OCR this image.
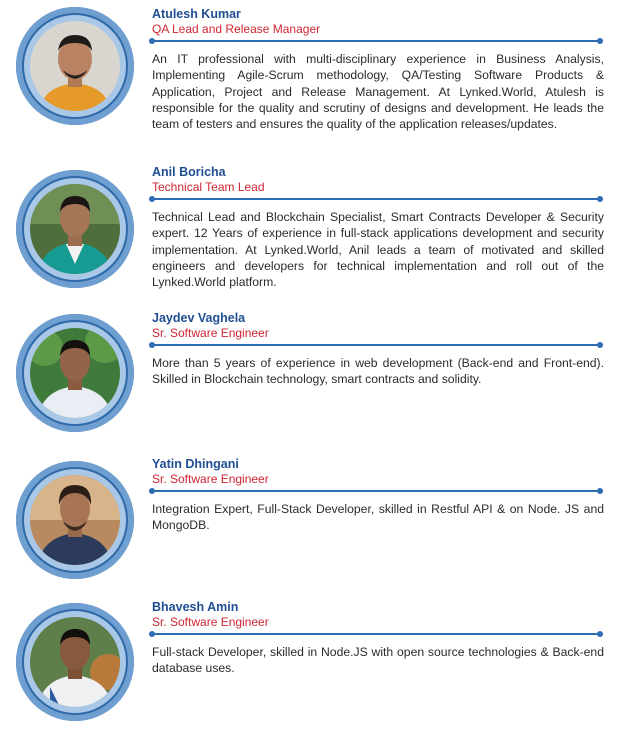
Atulesh Kumar
QA Lead and Release Manager
An IT professional with multi-disciplinary experience in Business Analysis, Implementing Agile-Scrum methodology, QA/Testing Software Products & Application, Project and Release Management. At Lynked.World, Atulesh is responsible for the quality and scrutiny of designs and development. He leads the team of testers and ensures the quality of the application releases/updates.
Anil Boricha
Technical Team Lead
Technical Lead and Blockchain Specialist, Smart Contracts Developer & Security expert. 12 Years of experience in full-stack applications development and security implementation. At Lynked.World, Anil leads a team of motivated and skilled engineers and developers for technical implementation and roll out of the Lynked.World platform.
Jaydev Vaghela
Sr. Software Engineer
More than 5 years of experience in web development (Back-end and Front-end). Skilled in Blockchain technology, smart contracts and solidity.
Yatin Dhingani
Sr. Software Engineer
Integration Expert, Full-Stack Developer, skilled in Restful API & on Node. JS and MongoDB.
Bhavesh Amin
Sr. Software Engineer
Full-stack Developer, skilled in Node.JS with open source technologies & Back-end database uses.
